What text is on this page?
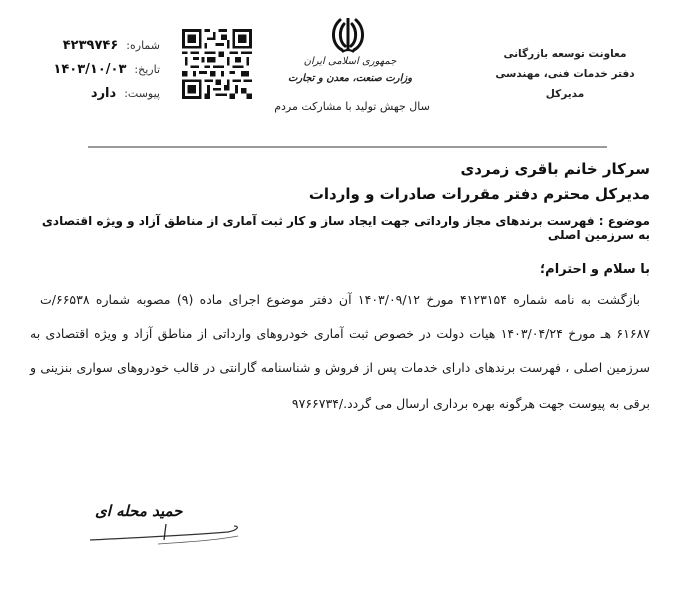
شماره:
۴۲۳۹۷۴۶
تاریخ:
۱۴۰۳/۱۰/۰۳
پیوست:
دارد
جمهوری اسلامی ایران
وزارت صنعت، معدن و تجارت
سال جهش تولید با مشارکت مردم
معاونت توسعه بازرگانی
دفتر خدمات فنی، مهندسی
مدیرکل
سرکار خانم باقری زمردی
مدیرکل محترم دفتر مقررات صادرات و واردات
موضوع : فهرست برندهای مجاز وارداتی جهت ایجاد ساز و کار ثبت آماری از مناطق آزاد و ویژه اقتصادی به سرزمین اصلی
با سلام و احترام؛
بازگشت به نامه شماره ۴۱۲۳۱۵۴ مورخ ۱۴۰۳/۰۹/۱۲ آن دفتر موضوع اجرای ماده (۹) مصوبه شماره ۶۶۵۳۸/ت
۶۱۶۸۷ هـ مورخ ۱۴۰۳/۰۴/۲۴ هیات دولت در خصوص ثبت آماری خودروهای وارداتی از مناطق آزاد و ویژه اقتصادی به
سرزمین اصلی ، فهرست برندهای دارای خدمات پس از فروش و شناسنامه گارانتی در قالب خودروهای سواری بنزینی و
برقی به پیوست جهت هرگونه بهره برداری ارسال می گردد./۹۷۶۶۷۳۴
حمید محله ای
